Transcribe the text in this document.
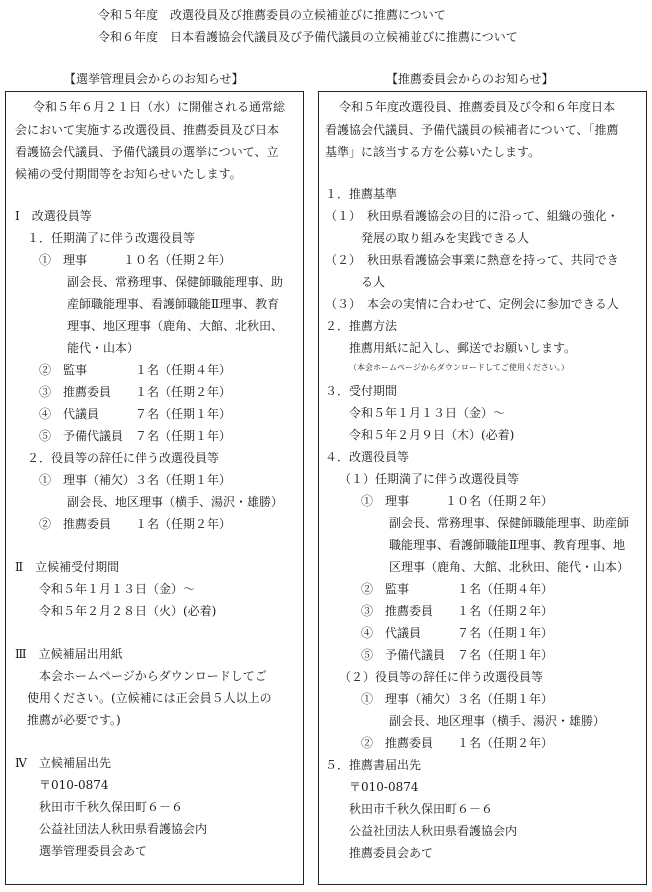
令和５年度　改選役員及び推薦委員の立候補並びに推薦について
令和６年度　日本看護協会代議員及び予備代議員の立候補並びに推薦について
【選挙管理員会からのお知らせ】	【推薦委員会からのお知らせ】
令和５年６月２１日（水）に開催される通常総
会において実施する改選役員、推薦委員及び日本
看護協会代議員、予備代議員の選挙について、立
候補の受付期間等をお知らせいたします。
Ⅰ　改選役員等
１．任期満了に伴う改選役員等
①　理事　　　１０名（任期２年）
副会長、常務理事、保健師職能理事、助
産師職能理事、看護師職能Ⅱ理事、教育
理事、地区理事（鹿角、大館、北秋田、
能代・山本）
②　監事　　　　１名（任期４年）
③　推薦委員　　１名（任期２年）
④　代議員　　　７名（任期１年）
⑤　予備代議員　７名（任期１年）
２．役員等の辞任に伴う改選役員等
①　理事（補欠）３名（任期１年）
副会長、地区理事（横手、湯沢・雄勝）
②　推薦委員　　１名（任期２年）
Ⅱ　立候補受付期間
令和５年１月１３日（金）〜
令和５年２月２８日（火）(必着)
Ⅲ　立候補届出用紙
本会ホームページからダウンロードしてご
使用ください。(立候補には正会員５人以上の
推薦が必要です。)
Ⅳ　立候補届出先
〒010-0874
秋田市千秋久保田町６－６
公益社団法人秋田県看護協会内
選挙管理委員会あて
令和５年度改選役員、推薦委員及び令和６年度日本
看護協会代議員、予備代議員の候補者について、「推薦
基準」に該当する方を公募いたします。
１．推薦基準
（１）　秋田県看護協会の目的に沿って、組織の強化・
発展の取り組みを実践できる人
（２）　秋田県看護協会事業に熱意を持って、共同でき
る人
（３）　本会の実情に合わせて、定例会に参加できる人
２．推薦方法
推薦用紙に記入し、郵送でお願いします。
（本会ホームページからダウンロードしてご使用ください。）
３．受付期間
令和５年１月１３日（金）〜
令和５年２月９日（木）(必着)
４．改選役員等
（１）任期満了に伴う改選役員等
①　理事　　　１０名（任期２年）
副会長、常務理事、保健師職能理事、助産師
職能理事、看護師職能Ⅱ理事、教育理事、地
区理事（鹿角、大館、北秋田、能代・山本）
②　監事　　　　１名（任期４年）
③　推薦委員　　１名（任期２年）
④　代議員　　　７名（任期１年）
⑤　予備代議員　７名（任期１年）
（２）役員等の辞任に伴う改選役員等
①　理事（補欠）３名（任期１年）
副会長、地区理事（横手、湯沢・雄勝）
②　推薦委員　　１名（任期２年）
５．推薦書届出先
〒010-0874
秋田市千秋久保田町６－６
公益社団法人秋田県看護協会内
推薦委員会あて
